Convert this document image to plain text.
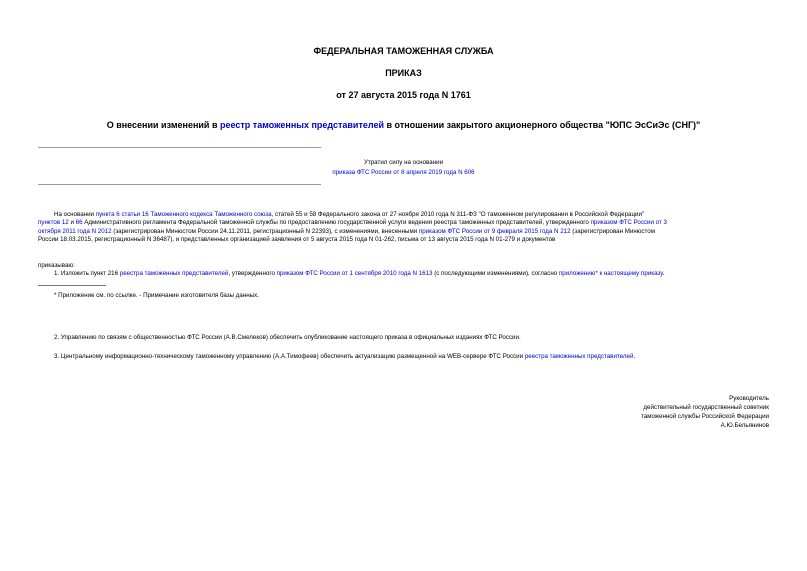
ФЕДЕРАЛЬНАЯ ТАМОЖЕННАЯ СЛУЖБА
ПРИКАЗ
от 27 августа 2015 года N 1761
О внесении изменений в реестр таможенных представителей в отношении закрытого акционерного общества "ЮПС ЭсСиЭс (СНГ)"
Утратил силу на основании
приказа ФТС России от 8 апреля 2019 года N 606
На основании пункта 6 статьи 16 Таможенного кодекса Таможенного союза, статей 55 и 58 Федерального закона от 27 ноября 2010 года N 311-ФЗ "О таможенном регулировании в Российской Федерации"
пунктов 12 и 66 Административного регламента Федеральной таможенной службы по предоставлению государственной услуги ведения реестра таможенных представителей, утвержденного приказом ФТС России от 3
октября 2011 года N 2012 (зарегистрирован Минюстом России 24.11.2011, регистрационный N 22393), с изменениями, внесенными приказом ФТС России от 9 февраля 2015 года N 212 (зарегистрирован Минюстом
России 18.03.2015, регистрационный N 36487), и представленных организацией заявления от 5 августа 2015 года N 01-262, письма от 13 августа 2015 года N 01-279 и документов
приказываю:
1. Изложить пункт 216 реестра таможенных представителей, утвержденного приказом ФТС России от 1 сентября 2010 года N 1613 (с последующими изменениями), согласно приложению* к настоящему приказу.
* Приложение см. по ссылке. - Примечание изготовителя базы данных.
2. Управлению по связям с общественностью ФТС России (А.В.Смелеков) обеспечить опубликование настоящего приказа в официальных изданиях ФТС России.
3. Центральному информационно-техническому таможенному управлению (А.А.Тимофеев) обеспечить актуализацию размещенной на WEB-сервере ФТС России реестра таможенных представителей.
Руководитель
действительный государственный советник
таможенной службы Российской Федерации
А.Ю.Бельянинов
